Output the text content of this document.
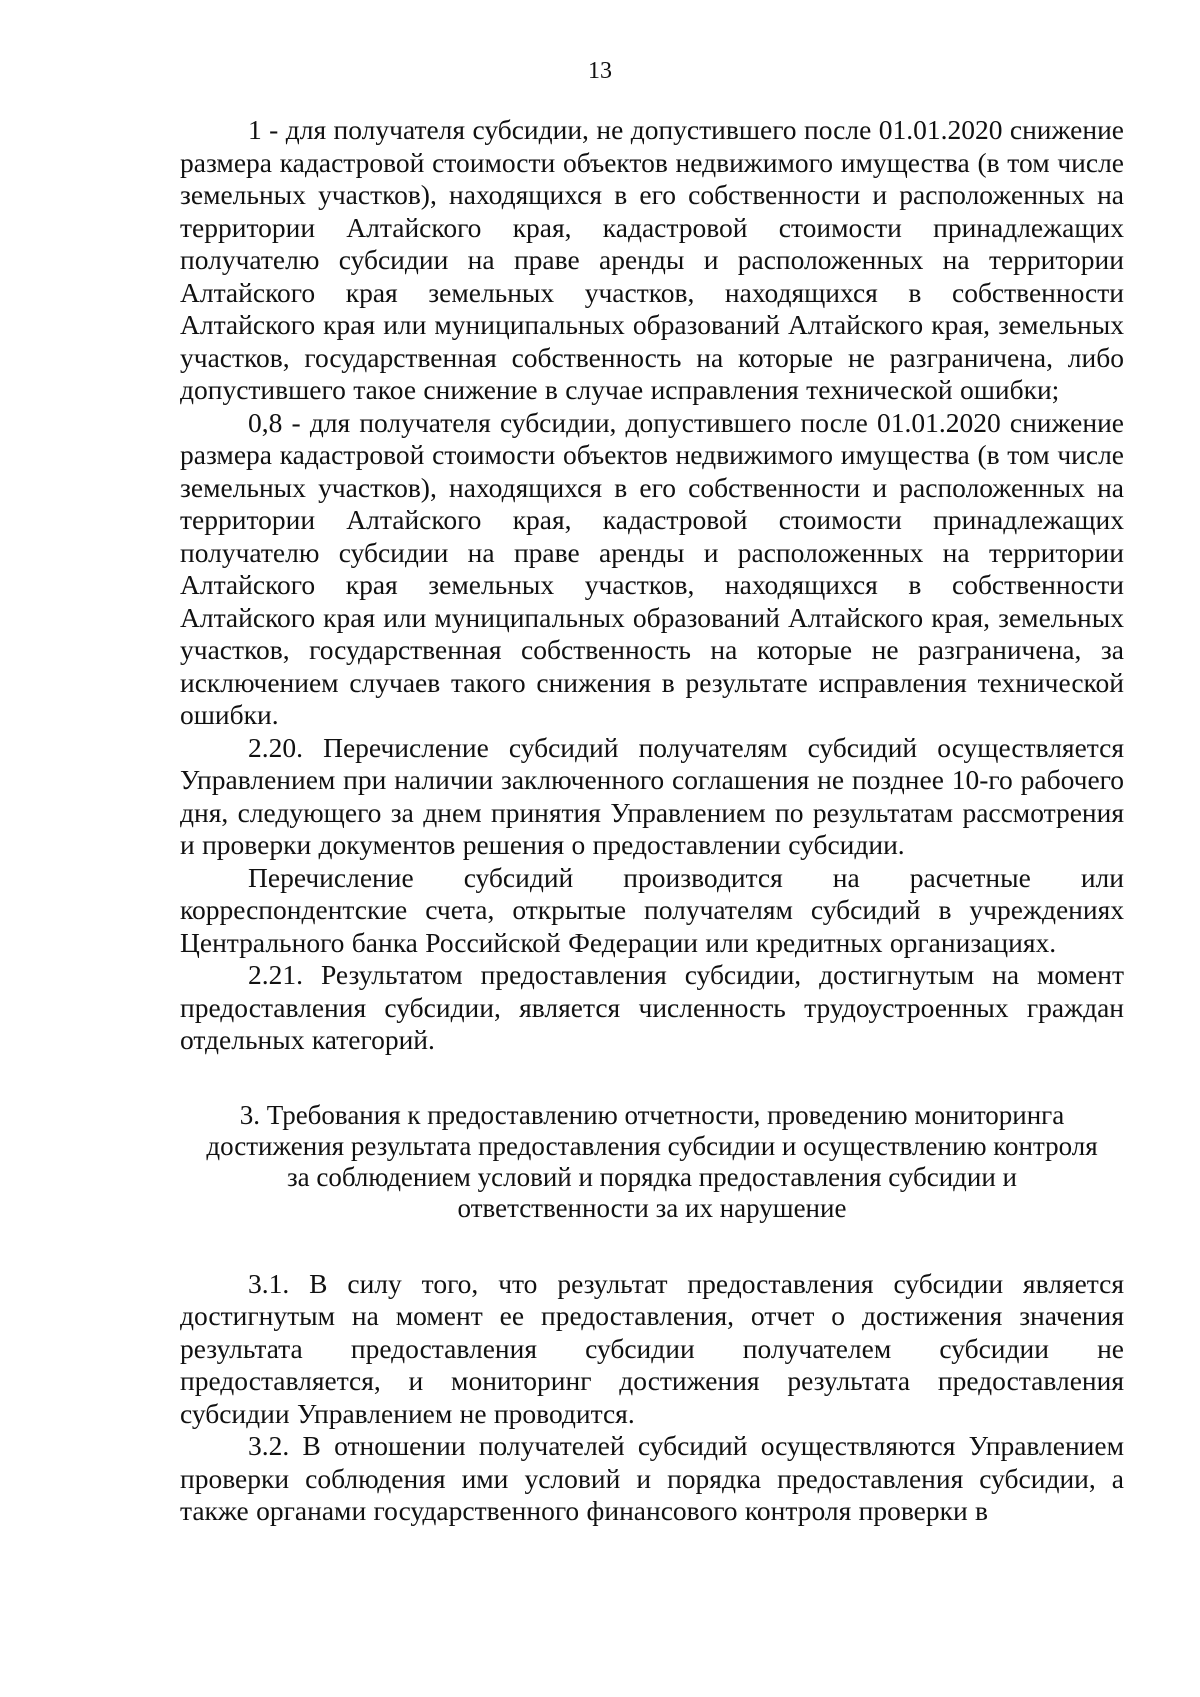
13

1 - для получателя субсидии, не допустившего после 01.01.2020 снижение размера кадастровой стоимости объектов недвижимого имущества (в том числе земельных участков), находящихся в его собственности и расположенных на территории Алтайского края, кадастровой стоимости принадлежащих получателю субсидии на праве аренды и расположенных на территории Алтайского края земельных участков, находящихся в собственности Алтайского края или муниципальных образований Алтайского края, земельных участков, государственная собственность на которые не разграничена, либо допустившего такое снижение в случае исправления технической ошибки;

0,8 - для получателя субсидии, допустившего после 01.01.2020 снижение размера кадастровой стоимости объектов недвижимого имущества (в том числе земельных участков), находящихся в его собственности и расположенных на территории Алтайского края, кадастровой стоимости принадлежащих получателю субсидии на праве аренды и расположенных на территории Алтайского края земельных участков, находящихся в собственности Алтайского края или муниципальных образований Алтайского края, земельных участков, государственная собственность на которые не разграничена, за исключением случаев такого снижения в результате исправления технической ошибки.

2.20. Перечисление субсидий получателям субсидий осуществляется Управлением при наличии заключенного соглашения не позднее 10-го рабочего дня, следующего за днем принятия Управлением по результатам рассмотрения и проверки документов решения о предоставлении субсидии.

Перечисление субсидий производится на расчетные или корреспондентские счета, открытые получателям субсидий в учреждениях Центрального банка Российской Федерации или кредитных организациях.

2.21. Результатом предоставления субсидии, достигнутым на момент предоставления субсидии, является численность трудоустроенных граждан отдельных категорий.

3. Требования к предоставлению отчетности, проведению мониторинга
достижения результата предоставления субсидии и осуществлению контроля
за соблюдением условий и порядка предоставления субсидии и
ответственности за их нарушение

3.1. В силу того, что результат предоставления субсидии является достигнутым на момент ее предоставления, отчет о достижения значения результата предоставления субсидии получателем субсидии не предоставляется, и мониторинг достижения результата предоставления субсидии Управлением не проводится.

3.2. В отношении получателей субсидий осуществляются Управлением проверки соблюдения ими условий и порядка предоставления субсидии, а также органами государственного финансового контроля проверки в
